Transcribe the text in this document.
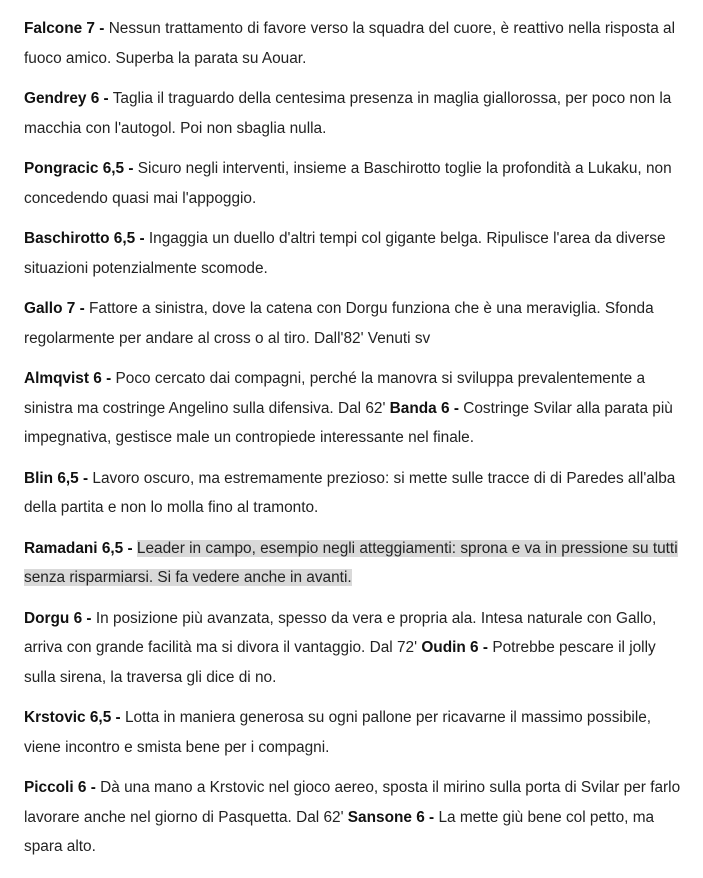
Falcone 7 - Nessun trattamento di favore verso la squadra del cuore, è reattivo nella risposta al fuoco amico. Superba la parata su Aouar.

Gendrey 6 - Taglia il traguardo della centesima presenza in maglia giallorossa, per poco non la macchia con l'autogol. Poi non sbaglia nulla.

Pongracic 6,5 - Sicuro negli interventi, insieme a Baschirotto toglie la profondità a Lukaku, non concedendo quasi mai l'appoggio.

Baschirotto 6,5 - Ingaggia un duello d'altri tempi col gigante belga. Ripulisce l'area da diverse situazioni potenzialmente scomode.

Gallo 7 - Fattore a sinistra, dove la catena con Dorgu funziona che è una meraviglia. Sfonda regolarmente per andare al cross o al tiro. Dall'82' Venuti sv

Almqvist 6 - Poco cercato dai compagni, perché la manovra si sviluppa prevalentemente a sinistra ma costringe Angelino sulla difensiva. Dal 62' Banda 6 - Costringe Svilar alla parata più impegnativa, gestisce male un contropiede interessante nel finale.

Blin 6,5 - Lavoro oscuro, ma estremamente prezioso: si mette sulle tracce di di Paredes all'alba della partita e non lo molla fino al tramonto.

Ramadani 6,5 - Leader in campo, esempio negli atteggiamenti: sprona e va in pressione su tutti senza risparmiarsi. Si fa vedere anche in avanti.

Dorgu 6 - In posizione più avanzata, spesso da vera e propria ala. Intesa naturale con Gallo, arriva con grande facilità ma si divora il vantaggio. Dal 72' Oudin 6 - Potrebbe pescare il jolly sulla sirena, la traversa gli dice di no.

Krstovic 6,5 - Lotta in maniera generosa su ogni pallone per ricavarne il massimo possibile, viene incontro e smista bene per i compagni.

Piccoli 6 - Dà una mano a Krstovic nel gioco aereo, sposta il mirino sulla porta di Svilar per farlo lavorare anche nel giorno di Pasquetta. Dal 62' Sansone 6 - La mette giù bene col petto, ma spara alto.
